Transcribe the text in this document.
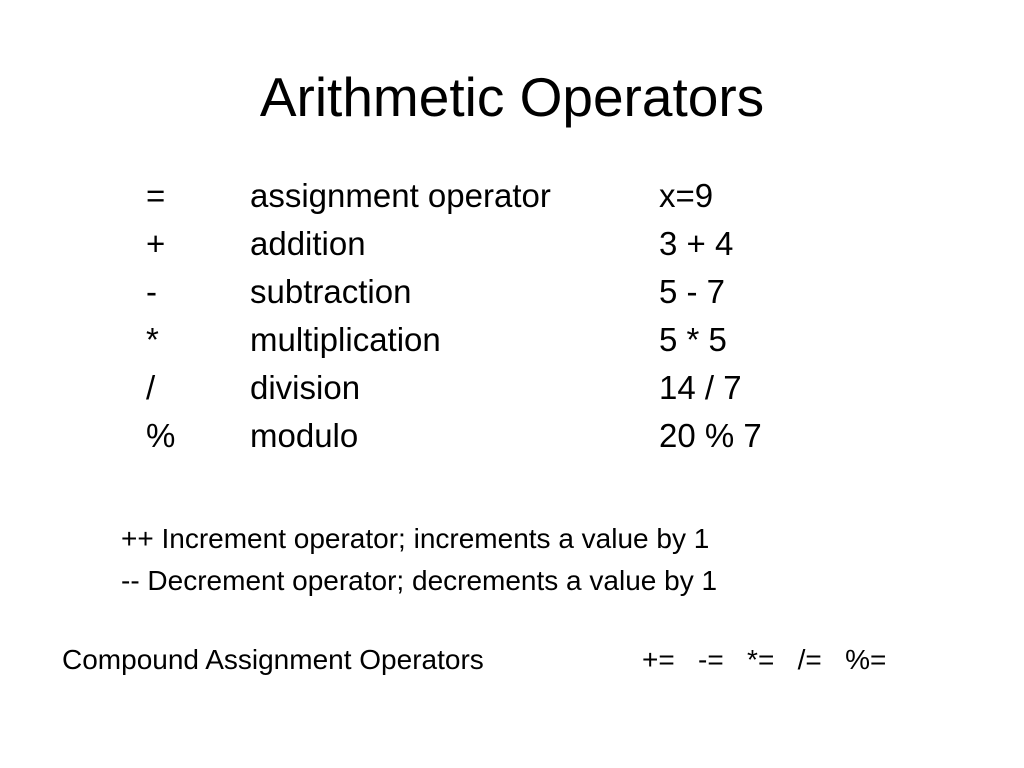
Arithmetic Operators
=	assignment operator	x=9
+	addition	3 + 4
-	subtraction	5 - 7
*	multiplication	5 * 5
/	division	14 / 7
% modulo	20 % 7
++ Increment operator; increments a value by 1
-- Decrement operator; decrements a value by 1
Compound Assignment Operators	+=   -=   *=   /=   %=
